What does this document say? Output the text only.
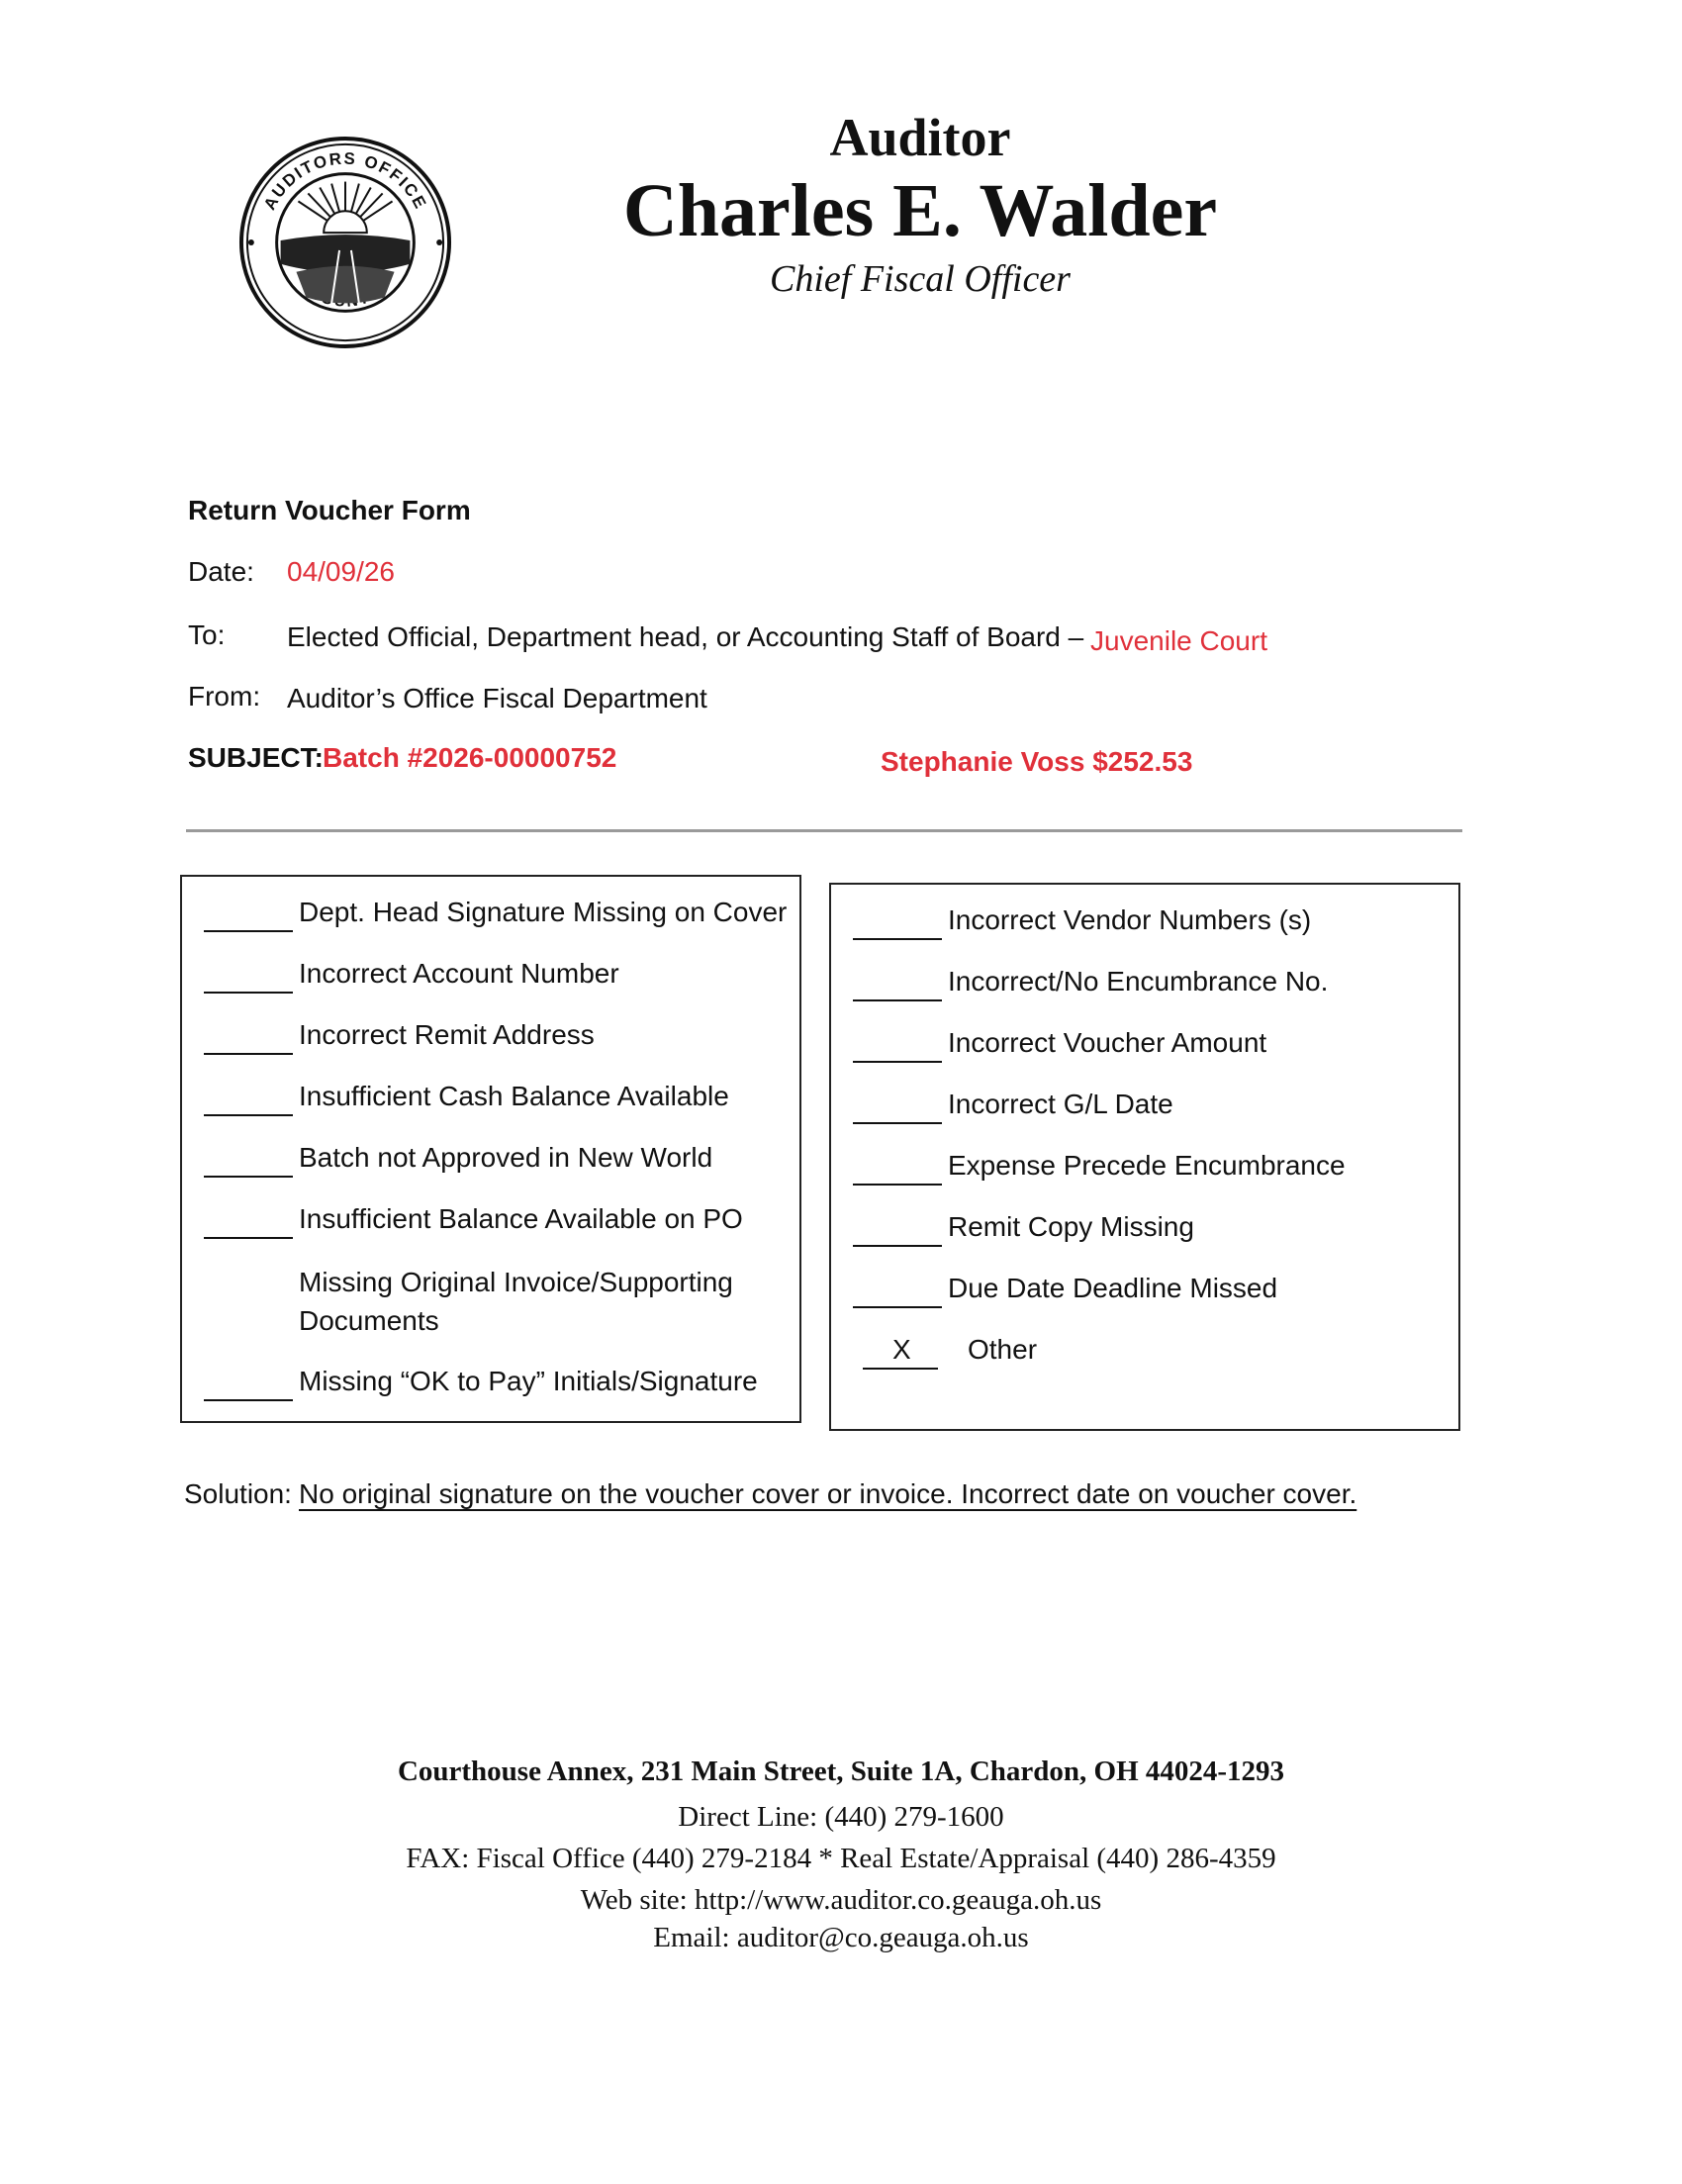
AUDITORS OFFICE
Auditor
Charles E. Walder
Chief Fiscal Officer
Return Voucher Form
Date: 04/09/26
To: Elected Official, Department head, or Accounting Staff of Board – Juvenile Court
From: Auditor’s Office Fiscal Department
SUBJECT: Batch #2026-00000752	Stephanie Voss $252.53
Dept. Head Signature Missing on Cover
Incorrect Account Number
Incorrect Remit Address
Insufficient Cash Balance Available
Batch not Approved in New World
Insufficient Balance Available on PO
Missing Original Invoice/Supporting Documents
Missing “OK to Pay” Initials/Signature
Incorrect Vendor Numbers (s)
Incorrect/No Encumbrance No.
Incorrect Voucher Amount
Incorrect G/L Date
Expense Precede Encumbrance
Remit Copy Missing
Due Date Deadline Missed
X Other
Solution: No original signature on the voucher cover or invoice. Incorrect date on voucher cover.
Courthouse Annex, 231 Main Street, Suite 1A, Chardon, OH 44024-1293
Direct Line: (440) 279-1600
FAX: Fiscal Office (440) 279-2184 * Real Estate/Appraisal (440) 286-4359
Web site: http://www.auditor.co.geauga.oh.us
Email: auditor@co.geauga.oh.us
